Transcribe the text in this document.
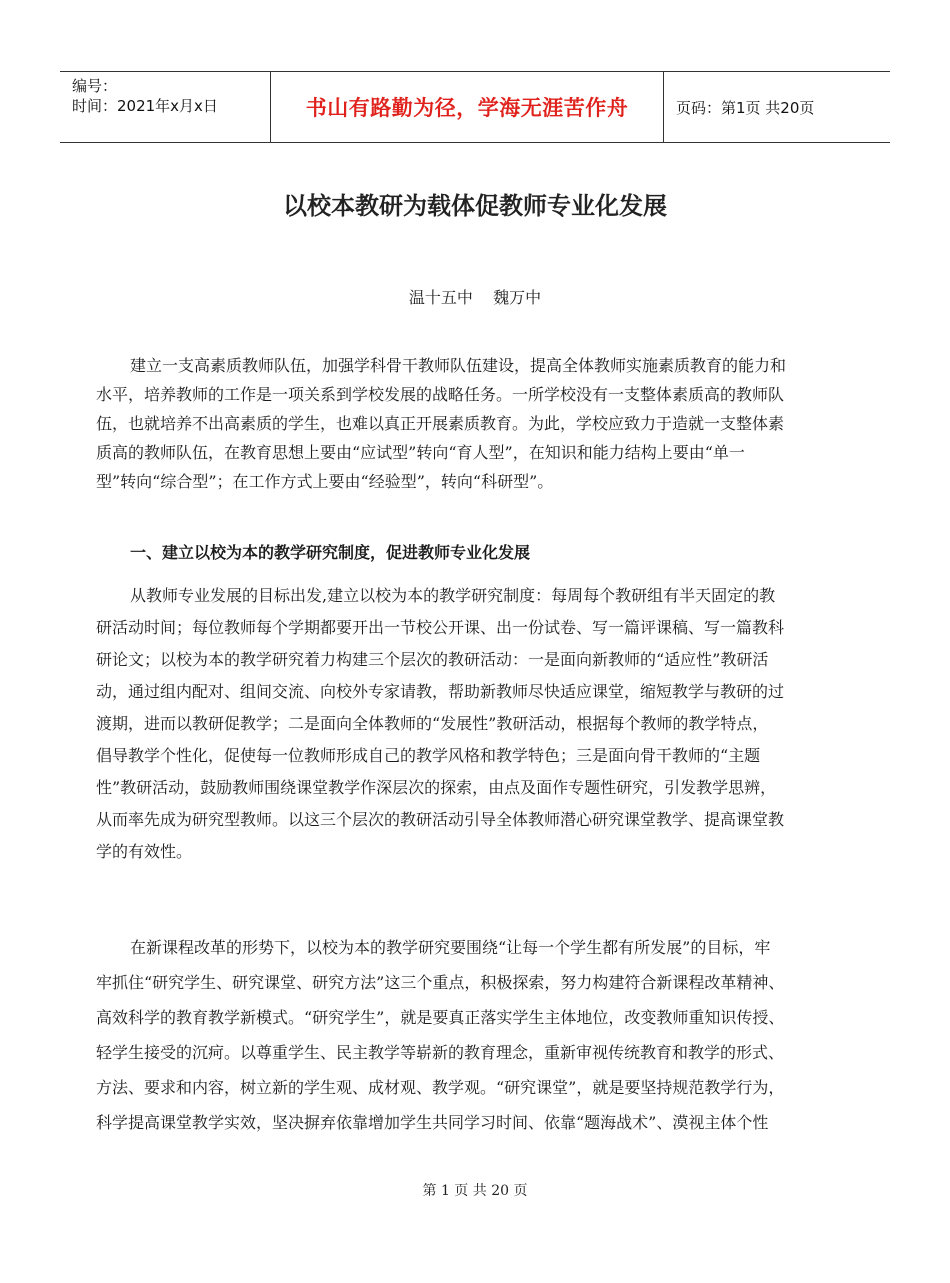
编号：
时间：2021年x月x日	书山有路勤为径，学海无涯苦作舟	页码：第1页 共20页
以校本教研为载体促教师专业化发展
温十五中    魏万中
建立一支高素质教师队伍，加强学科骨干教师队伍建设，提高全体教师实施素质教育的能力和
水平，培养教师的工作是一项关系到学校发展的战略任务。一所学校没有一支整体素质高的教师队
伍，也就培养不出高素质的学生，也难以真正开展素质教育。为此，学校应致力于造就一支整体素
质高的教师队伍，在教育思想上要由“应试型”转向“育人型”，在知识和能力结构上要由“单一
型”转向“综合型”；在工作方式上要由“经验型”，转向“科研型”。
一、建立以校为本的教学研究制度，促进教师专业化发展
从教师专业发展的目标出发,建立以校为本的教学研究制度：每周每个教研组有半天固定的教
研活动时间；每位教师每个学期都要开出一节校公开课、出一份试卷、写一篇评课稿、写一篇教科
研论文；以校为本的教学研究着力构建三个层次的教研活动：一是面向新教师的“适应性”教研活
动，通过组内配对、组间交流、向校外专家请教，帮助新教师尽快适应课堂，缩短教学与教研的过
渡期，进而以教研促教学；二是面向全体教师的“发展性”教研活动，根据每个教师的教学特点，
倡导教学个性化，促使每一位教师形成自己的教学风格和教学特色；三是面向骨干教师的“主题
性”教研活动，鼓励教师围绕课堂教学作深层次的探索，由点及面作专题性研究，引发教学思辨，
从而率先成为研究型教师。以这三个层次的教研活动引导全体教师潜心研究课堂教学、提高课堂教
学的有效性。
在新课程改革的形势下，以校为本的教学研究要围绕“让每一个学生都有所发展”的目标，牢
牢抓住“研究学生、研究课堂、研究方法”这三个重点，积极探索，努力构建符合新课程改革精神、
高效科学的教育教学新模式。“研究学生”，就是要真正落实学生主体地位，改变教师重知识传授、
轻学生接受的沉疴。以尊重学生、民主教学等崭新的教育理念，重新审视传统教育和教学的形式、
方法、要求和内容，树立新的学生观、成材观、教学观。“研究课堂”，就是要坚持规范教学行为，
科学提高课堂教学实效，坚决摒弃依靠增加学生共同学习时间、依靠“题海战术”、漠视主体个性
第 1 页 共 20 页
